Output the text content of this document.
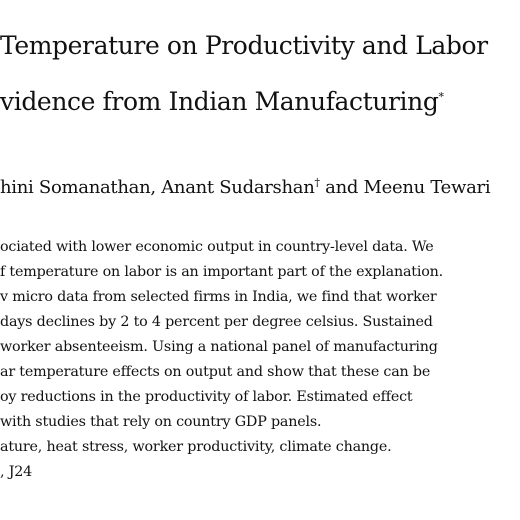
Temperature on Productivity and Labor
vidence from Indian Manufacturing*
hini Somanathan, Anant Sudarshan† and Meenu Tewari
ociated with lower economic output in country-level data. We
f temperature on labor is an important part of the explanation.
v micro data from selected firms in India, we find that worker
days declines by 2 to 4 percent per degree celsius. Sustained
worker absenteeism. Using a national panel of manufacturing
ar temperature effects on output and show that these can be
oy reductions in the productivity of labor. Estimated effect
with studies that rely on country GDP panels.
ature, heat stress, worker productivity, climate change.
, J24
